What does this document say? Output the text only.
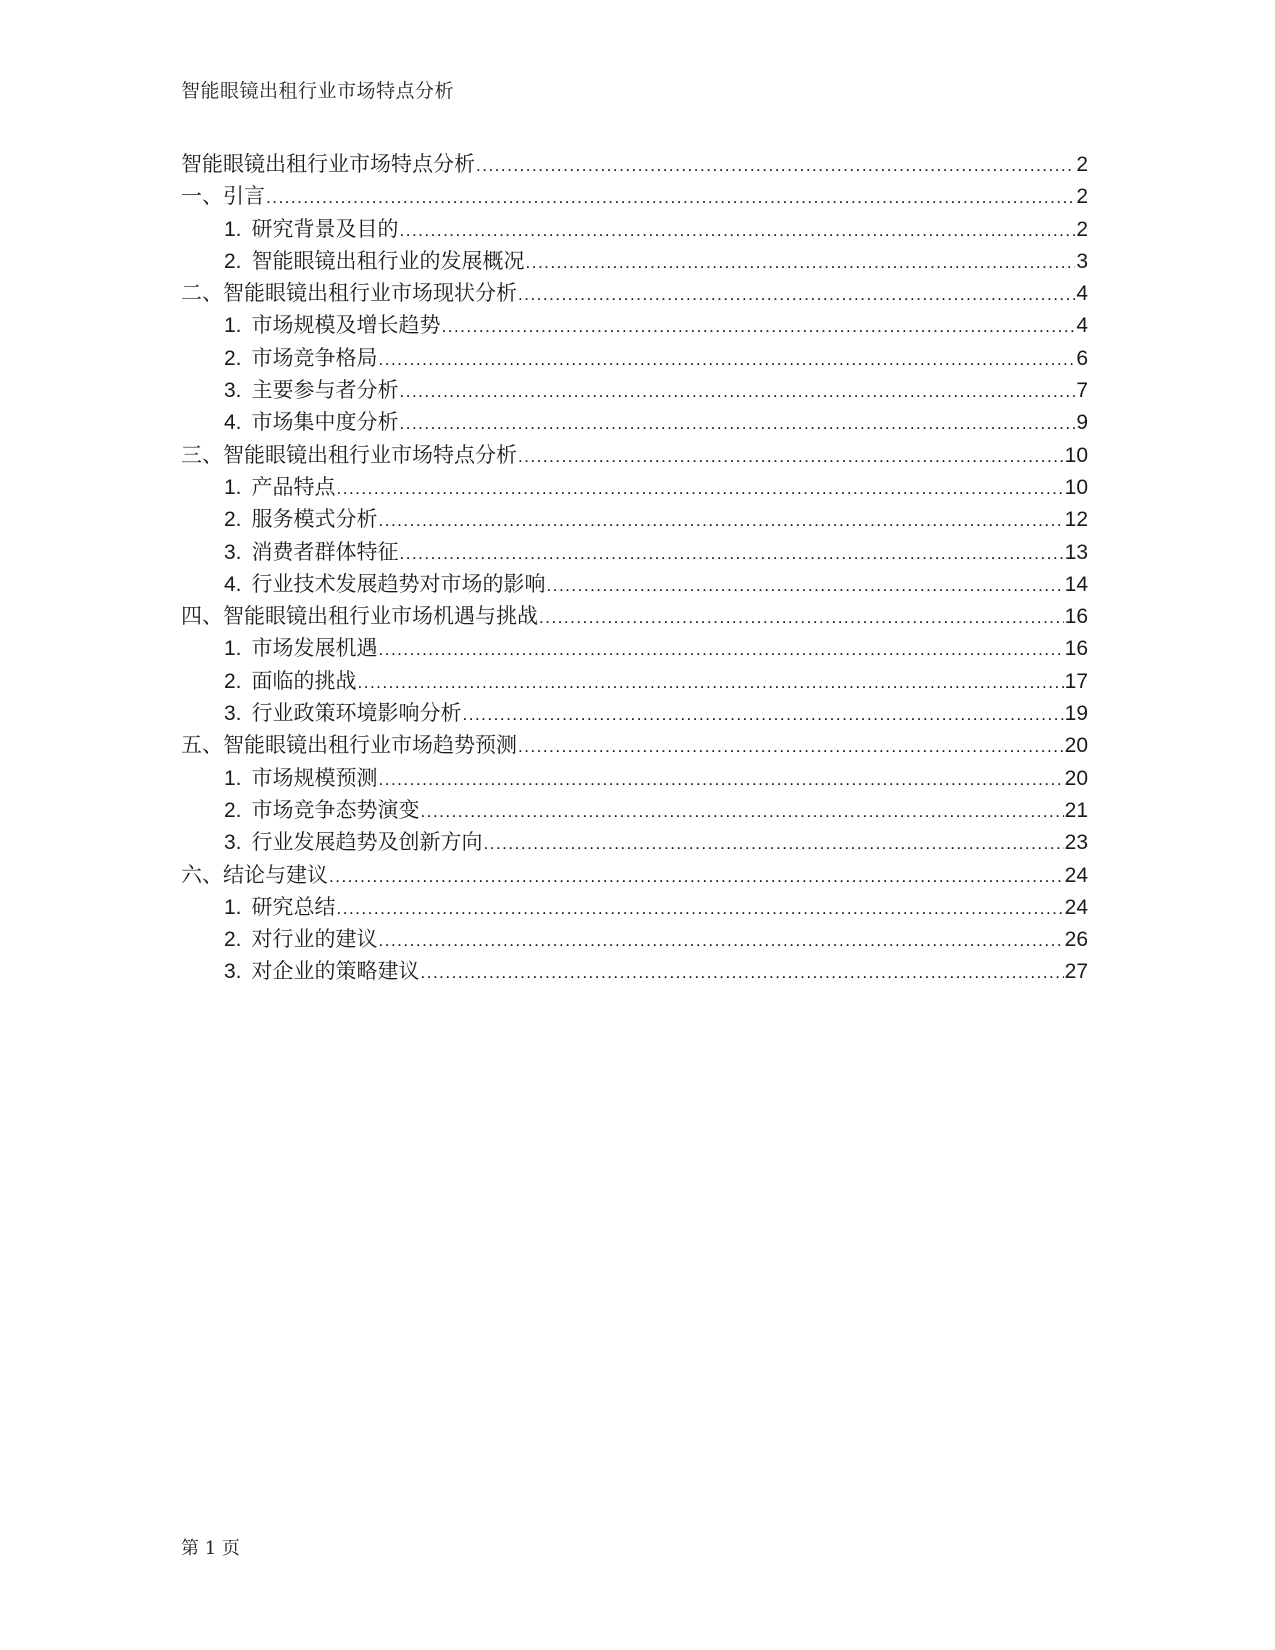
智能眼镜出租行业市场特点分析
智能眼镜出租行业市场特点分析 .....	2
一、引言 .....	2
1. 研究背景及目的 .....	2
2. 智能眼镜出租行业的发展概况 .....	3
二、智能眼镜出租行业市场现状分析 .....	4
1. 市场规模及增长趋势 .....	4
2. 市场竞争格局 .....	6
3. 主要参与者分析 .....	7
4. 市场集中度分析 .....	9
三、智能眼镜出租行业市场特点分析 .....	10
1. 产品特点 .....	10
2. 服务模式分析 .....	12
3. 消费者群体特征 .....	13
4. 行业技术发展趋势对市场的影响 .....	14
四、智能眼镜出租行业市场机遇与挑战 .....	16
1. 市场发展机遇 .....	16
2. 面临的挑战 .....	17
3. 行业政策环境影响分析 .....	19
五、智能眼镜出租行业市场趋势预测 .....	20
1. 市场规模预测 .....	20
2. 市场竞争态势演变 .....	21
3. 行业发展趋势及创新方向 .....	23
六、结论与建议 .....	24
1. 研究总结 .....	24
2. 对行业的建议 .....	26
3. 对企业的策略建议 .....	27
第 1 页
